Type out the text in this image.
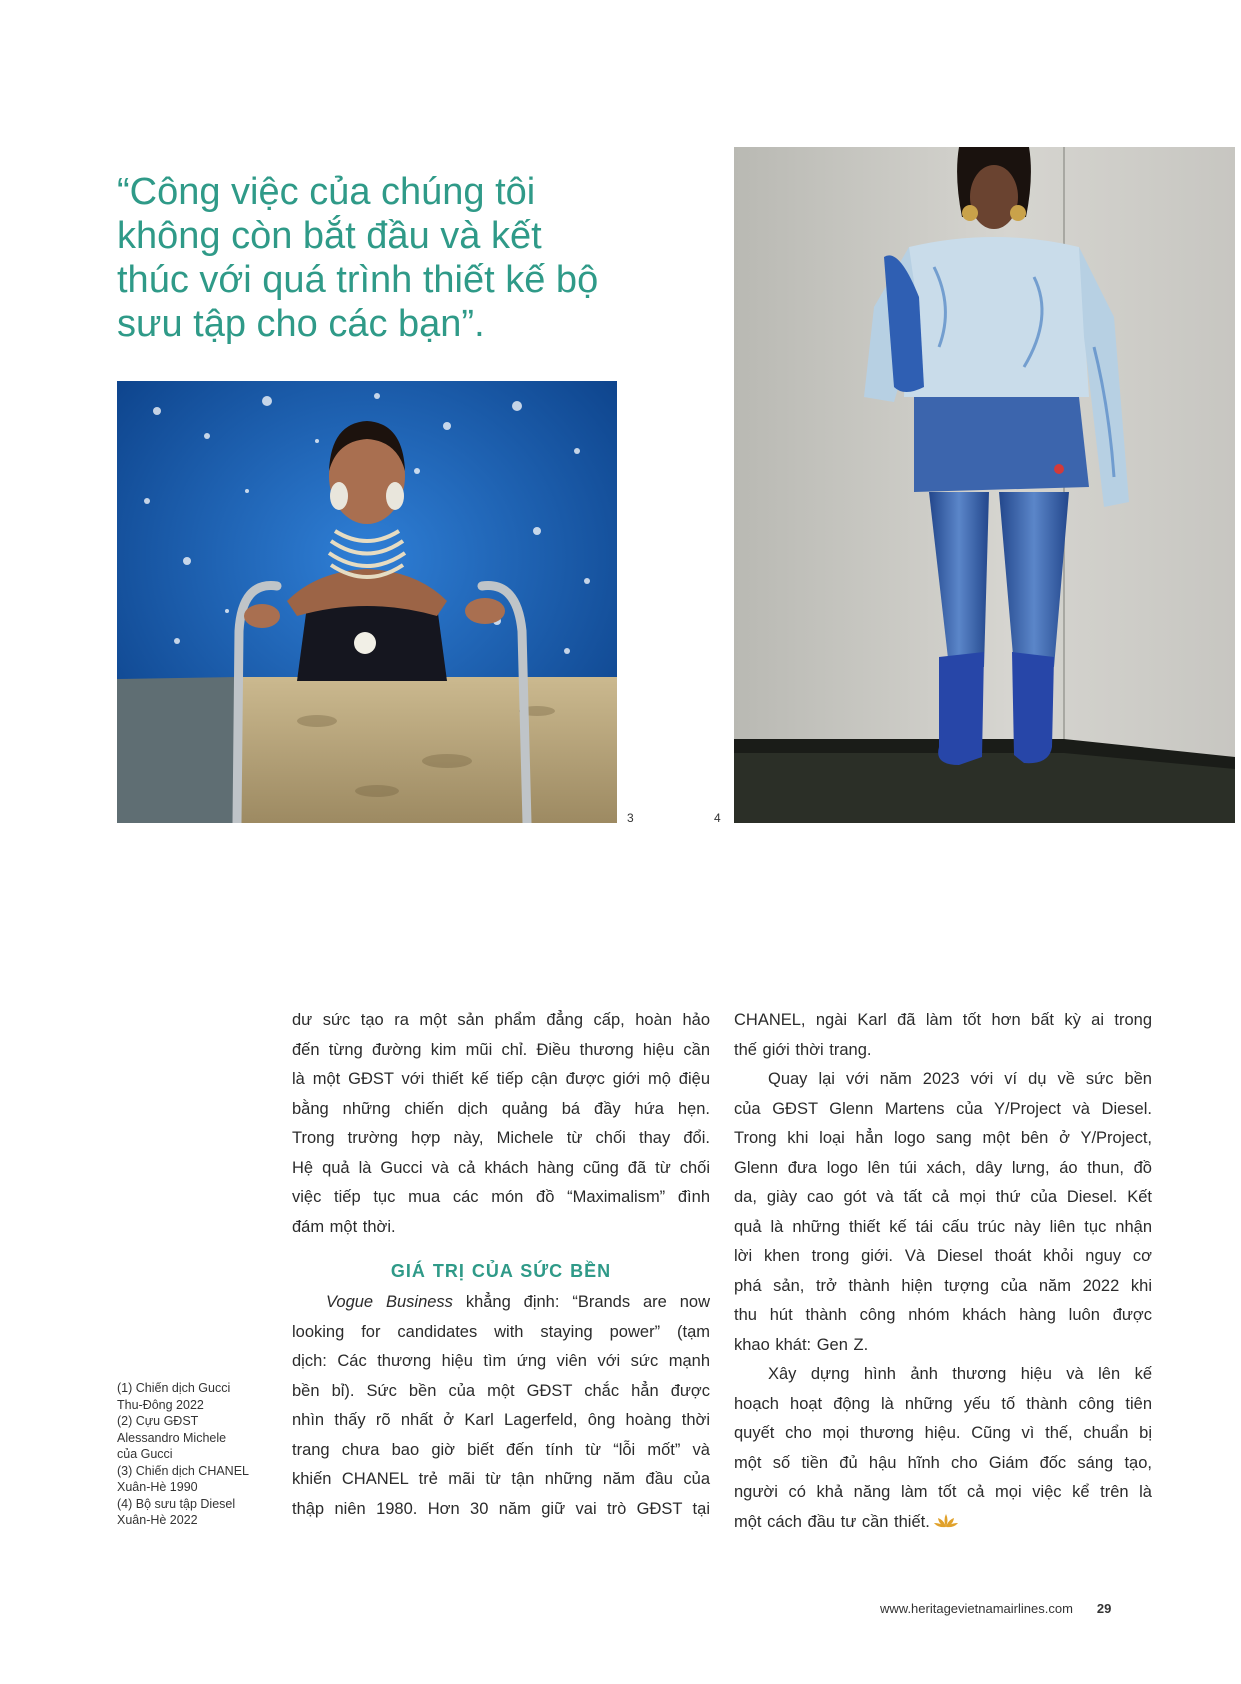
“Công việc của chúng tôi
không còn bắt đầu và kết
thúc với quá trình thiết kế bộ
sưu tập cho các bạn”.
3	4
(1) Chiến dịch Gucci
Thu-Đông 2022
(2) Cựu GĐST
Alessandro Michele
của Gucci
(3) Chiến dịch CHANEL
Xuân-Hè 1990
(4) Bộ sưu tập Diesel
Xuân-Hè 2022

dư sức tạo ra một sản phẩm đẳng cấp, hoàn hảo
đến từng đường kim mũi chỉ. Điều thương hiệu cần
là một GĐST với thiết kế tiếp cận được giới mộ điệu
bằng những chiến dịch quảng bá đầy hứa hẹn.
Trong trường hợp này, Michele từ chối thay đổi.
Hệ quả là Gucci và cả khách hàng cũng đã từ chối
việc tiếp tục mua các món đồ “Maximalism” đình
đám một thời.

GIÁ TRỊ CỦA SỨC BỀN

Vogue Business khẳng định: “Brands are now
looking for candidates with staying power” (tạm
dịch: Các thương hiệu tìm ứng viên với sức mạnh
bền bỉ). Sức bền của một GĐST chắc hẳn được
nhìn thấy rõ nhất ở Karl Lagerfeld, ông hoàng thời
trang chưa bao giờ biết đến tính từ “lỗi mốt” và
khiến CHANEL trẻ mãi từ tận những năm đầu của
thập niên 1980. Hơn 30 năm giữ vai trò GĐST tại

CHANEL, ngài Karl đã làm tốt hơn bất kỳ ai trong
thế giới thời trang.

Quay lại với năm 2023 với ví dụ về sức bền
của GĐST Glenn Martens của Y/Project và Diesel.
Trong khi loại hẳn logo sang một bên ở Y/Project,
Glenn đưa logo lên túi xách, dây lưng, áo thun, đồ
da, giày cao gót và tất cả mọi thứ của Diesel. Kết
quả là những thiết kế tái cấu trúc này liên tục nhận
lời khen trong giới. Và Diesel thoát khỏi nguy cơ
phá sản, trở thành hiện tượng của năm 2022 khi
thu hút thành công nhóm khách hàng luôn được
khao khát: Gen Z.

Xây dựng hình ảnh thương hiệu và lên kế
hoạch hoạt động là những yếu tố thành công tiên
quyết cho mọi thương hiệu. Cũng vì thế, chuẩn bị
một số tiền đủ hậu hĩnh cho Giám đốc sáng tạo,
người có khả năng làm tốt cả mọi việc kể trên là
một cách đầu tư cần thiết.

www.heritagevietnamairlines.com 29
